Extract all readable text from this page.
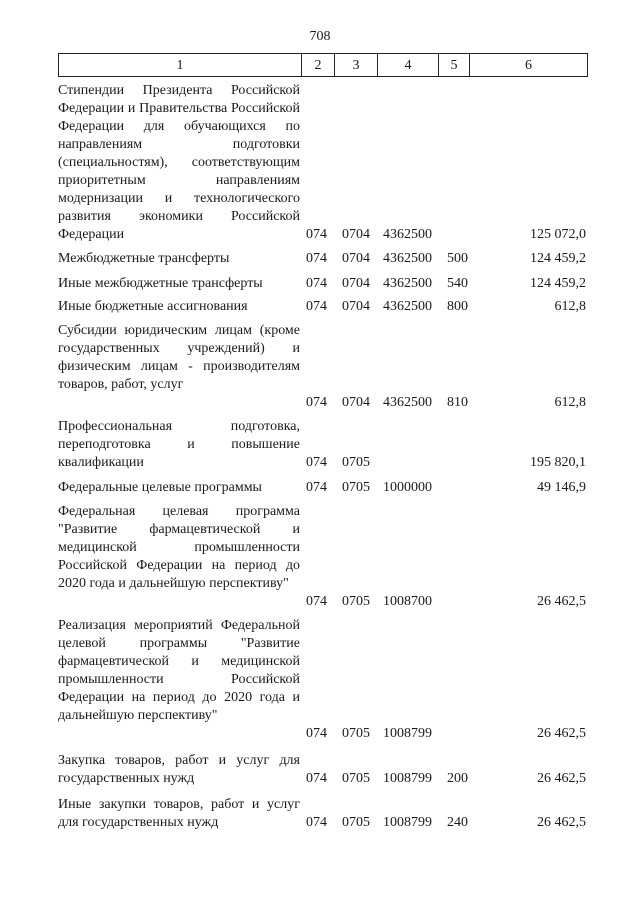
708
1	2	3	4	5	6
Стипендии Президента Российской Федерации и Правительства Российской Федерации для обучающихся по направлениям подготовки (специальностям), соответствующим приоритетным направлениям модернизации и технологического развития экономики Российской Федерации	074 0704 4362500	125 072,0
Межбюджетные трансферты	074 0704 4362500 500	124 459,2
Иные межбюджетные трансферты	074 0704 4362500 540	124 459,2
Иные бюджетные ассигнования	074 0704 4362500 800	612,8
Субсидии юридическим лицам (кроме государственных учреждений) и физическим лицам - производителям товаров, работ, услуг
074 0704 4362500 810	612,8
Профессиональная подготовка, переподготовка и повышение квалификации	074 0705	195 820,1
Федеральные целевые программы	074 0705 1000000	49 146,9
Федеральная целевая программа "Развитие фармацевтической и медицинской промышленности Российской Федерации на период до 2020 года и дальнейшую перспективу"
074 0705 1008700	26 462,5
Реализация мероприятий Федеральной целевой программы "Развитие фармацевтической и медицинской промышленности Российской Федерации на период до 2020 года и дальнейшую перспективу"
074 0705 1008799	26 462,5
Закупка товаров, работ и услуг для государственных нужд	074 0705 1008799 200	26 462,5
Иные закупки товаров, работ и услуг для государственных нужд	074 0705 1008799 240	26 462,5
